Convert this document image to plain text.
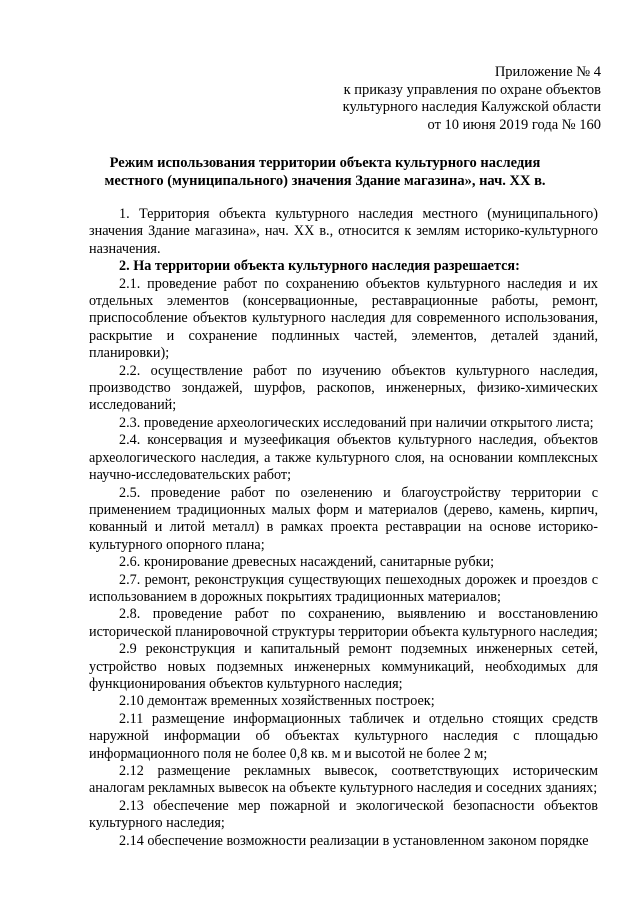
Приложение № 4
к приказу управления по охране объектов
культурного наследия Калужской области
от 10 июня 2019 года № 160
Режим использования территории объекта культурного наследия
местного (муниципального) значения Здание магазина», нач. XX в.

1. Территория объекта культурного наследия местного (муниципального) значения Здание магазина», нач. XX в., относится к землям историко-культурного назначения.

2. На территории объекта культурного наследия разрешается:

2.1. проведение работ по сохранению объектов культурного наследия и их отдельных элементов (консервационные, реставрационные работы, ремонт, приспособление объектов культурного наследия для современного использования, раскрытие и сохранение подлинных частей, элементов, деталей зданий, планировки);

2.2. осуществление работ по изучению объектов культурного наследия, производство зондажей, шурфов, раскопов, инженерных, физико-химических исследований;

2.3. проведение археологических исследований при наличии открытого листа;

2.4. консервация и музеефикация объектов культурного наследия, объектов археологического наследия, а также культурного слоя, на основании комплексных научно-исследовательских работ;

2.5. проведение работ по озеленению и благоустройству территории с применением традиционных малых форм и материалов (дерево, камень, кирпич, кованный и литой металл) в рамках проекта реставрации на основе историко-культурного опорного плана;

2.6. кронирование древесных насаждений, санитарные рубки;

2.7. ремонт, реконструкция существующих пешеходных дорожек и проездов с использованием в дорожных покрытиях традиционных материалов;

2.8. проведение работ по сохранению, выявлению и восстановлению исторической планировочной структуры территории объекта культурного наследия;

2.9 реконструкция и капитальный ремонт подземных инженерных сетей, устройство новых подземных инженерных коммуникаций, необходимых для функционирования объектов культурного наследия;

2.10 демонтаж временных хозяйственных построек;

2.11 размещение информационных табличек и отдельно стоящих средств наружной информации об объектах культурного наследия с площадью информационного поля не более 0,8 кв. м и высотой не более 2 м;

2.12 размещение рекламных вывесок, соответствующих историческим аналогам рекламных вывесок на объекте культурного наследия и соседних зданиях;

2.13 обеспечение мер пожарной и экологической безопасности объектов культурного наследия;

2.14 обеспечение возможности реализации в установленном законом порядке
